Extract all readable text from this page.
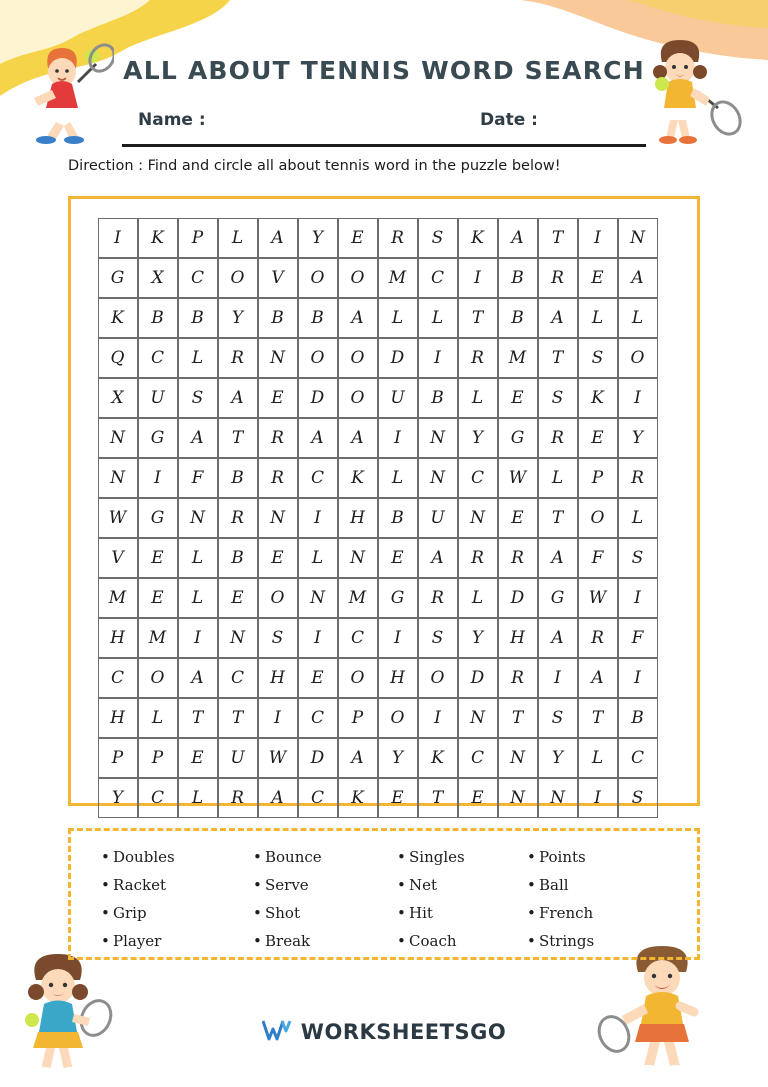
ALL ABOUT TENNIS WORD SEARCH
Name :	Date :
Direction : Find and circle all about tennis word in the puzzle below!
I	K	P	L	A	Y	E	R	S	K	A	T	I	N
G	X	C	O	V	O	O	M	C	I	B	R	E	A
K	B	B	Y	B	B	A	L	L	T	B	A	L	L
Q	C	L	R	N	O	O	D	I	R	M	T	S	O
X	U	S	A	E	D	O	U	B	L	E	S	K	I
N	G	A	T	R	A	A	I	N	Y	G	R	E	Y
N	I	F	B	R	C	K	L	N	C	W	L	P	R
W	G	N	R	N	I	H	B	U	N	E	T	O	L
V	E	L	B	E	L	N	E	A	R	R	A	F	S
M	E	L	E	O	N	M	G	R	L	D	G	W	I
H	M	I	N	S	I	C	I	S	Y	H	A	R	F
C	O	A	C	H	E	O	H	O	D	R	I	A	I
H	L	T	T	I	C	P	O	I	N	T	S	T	B
P	P	E	U	W	D	A	Y	K	C	N	Y	L	C
Y	C	L	R	A	C	K	E	T	E	N	N	I	S
• Doubles
• Racket
• Grip
• Player
• Bounce
• Serve
• Shot
• Break
• Singles
• Net
• Hit
• Coach
• Points
• Ball
• French
• Strings
WORKSHEETSGO
